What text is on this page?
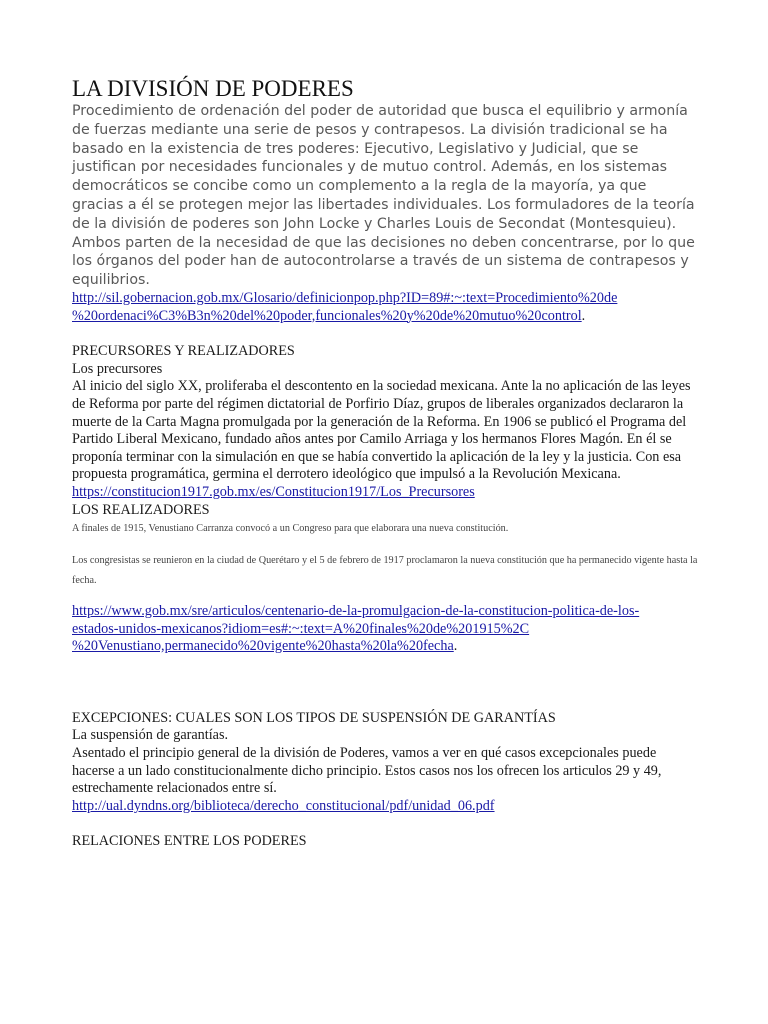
LA DIVISIÓN DE PODERES

Procedimiento de ordenación del poder de autoridad que busca el equilibrio y armonía de fuerzas mediante una serie de pesos y contrapesos. La división tradicional se ha basado en la existencia de tres poderes: Ejecutivo, Legislativo y Judicial, que se justifican por necesidades funcionales y de mutuo control. Además, en los sistemas democráticos se concibe como un complemento a la regla de la mayoría, ya que gracias a él se protegen mejor las libertades individuales. Los formuladores de la teoría de la división de poderes son John Locke y Charles Louis de Secondat (Montesquieu). Ambos parten de la necesidad de que las decisiones no deben concentrarse, por lo que los órganos del poder han de autocontrolarse a través de un sistema de contrapesos y equilibrios.

http://sil.gobernacion.gob.mx/Glosario/definicionpop.php?ID=89#:~:text=Procedimiento%20de
%20ordenaci%C3%B3n%20del%20poder,funcionales%20y%20de%20mutuo%20control.

PRECURSORES Y REALIZADORES

Los precursores

Al inicio del siglo XX, proliferaba el descontento en la sociedad mexicana. Ante la no aplicación de las leyes de Reforma por parte del régimen dictatorial de Porfirio Díaz, grupos de liberales organizados declararon la muerte de la Carta Magna promulgada por la generación de la Reforma. En 1906 se publicó el Programa del Partido Liberal Mexicano, fundado años antes por Camilo Arriaga y los hermanos Flores Magón. En él se proponía terminar con la simulación en que se había convertido la aplicación de la ley y la justicia. Con esa propuesta programática, germina el derrotero ideológico que impulsó a la Revolución Mexicana.

https://constitucion1917.gob.mx/es/Constitucion1917/Los_Precursores

LOS REALIZADORES

A finales de 1915, Venustiano Carranza convocó a un Congreso para que elaborara una nueva constitución.

Los congresistas se reunieron en la ciudad de Querétaro y el 5 de febrero de 1917 proclamaron la nueva constitución que ha permanecido vigente hasta la fecha.

https://www.gob.mx/sre/articulos/centenario-de-la-promulgacion-de-la-constitucion-politica-de-los-
estados-unidos-mexicanos?idiom=es#:~:text=A%20finales%20de%201915%2C
%20Venustiano,permanecido%20vigente%20hasta%20la%20fecha.

EXCEPCIONES: CUALES SON LOS TIPOS DE SUSPENSIÓN DE GARANTÍAS

La suspensión de garantías.

Asentado el principio general de la división de Poderes, vamos a ver en qué casos excepcionales puede hacerse a un lado constitucionalmente dicho principio. Estos casos nos los ofrecen los articulos 29 y 49, estrechamente relacionados entre sí.

http://ual.dyndns.org/biblioteca/derecho_constitucional/pdf/unidad_06.pdf

RELACIONES ENTRE LOS PODERES
